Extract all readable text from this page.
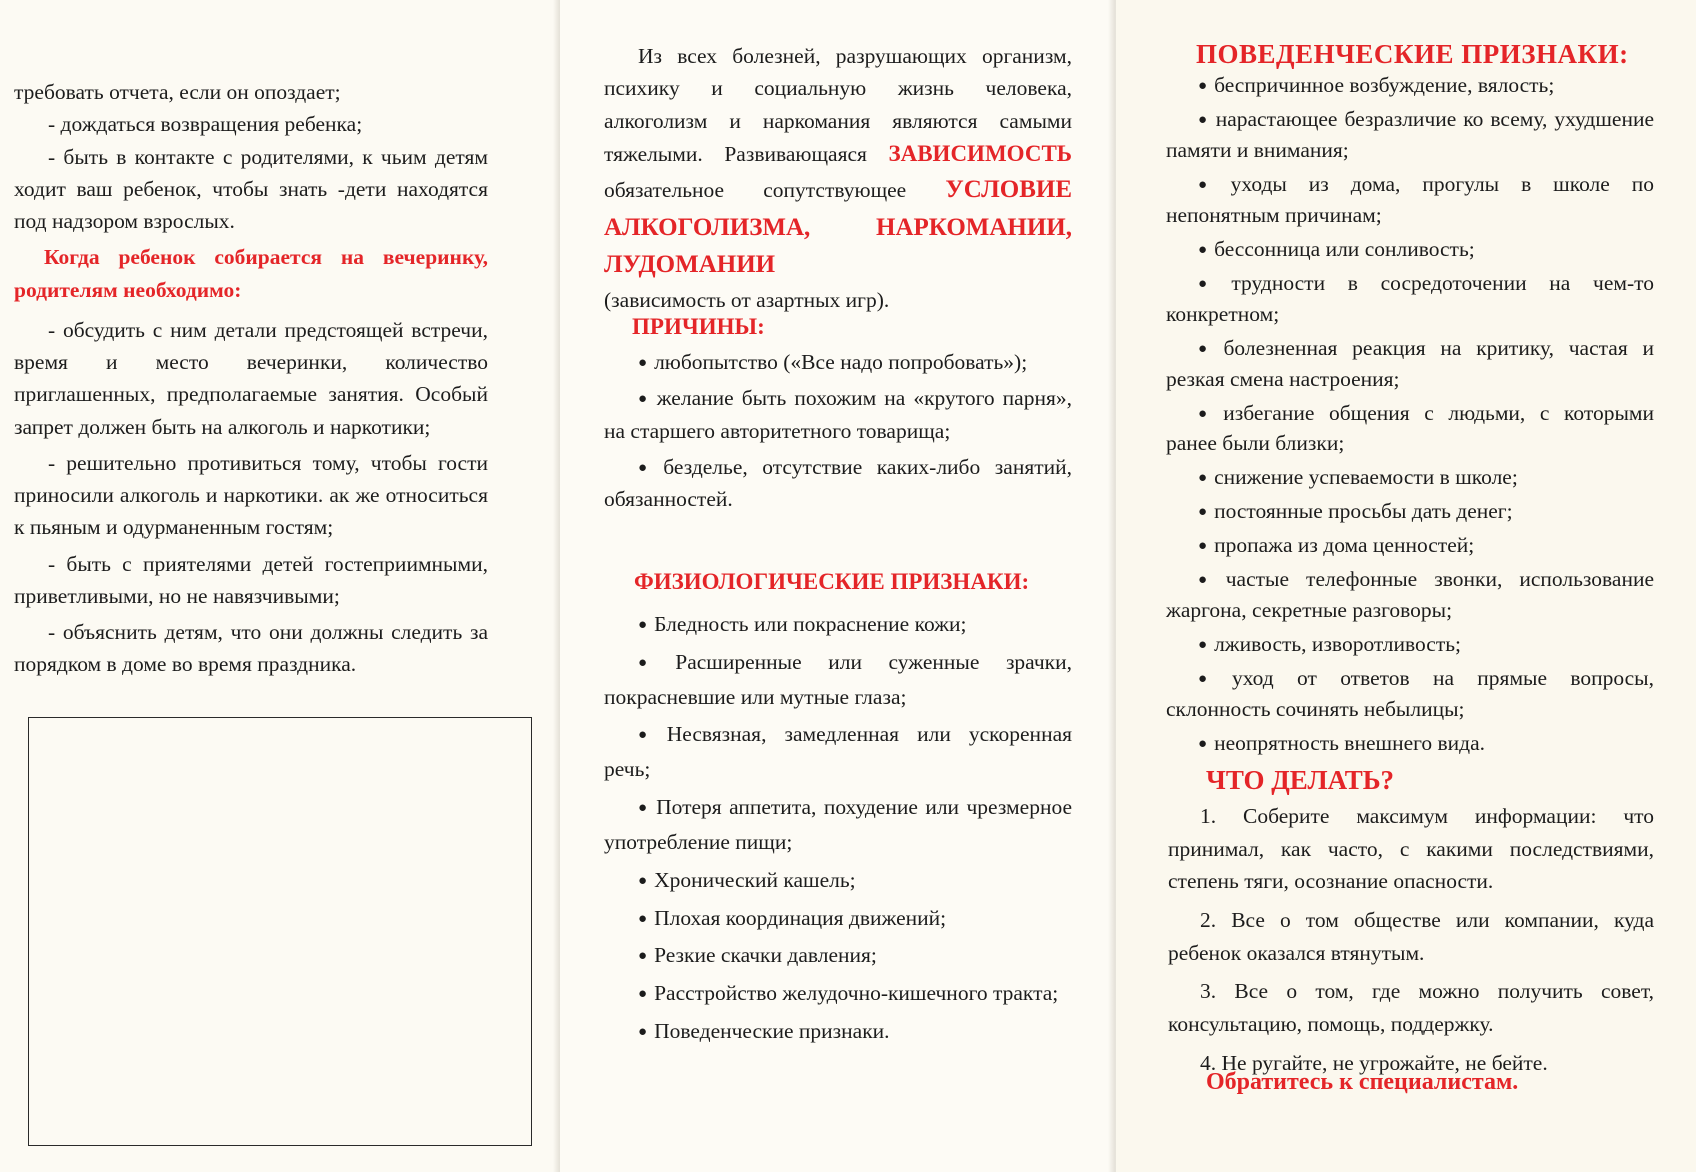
требовать отчета, если он опоздает;

- дождаться возвращения ребенка;

- быть в контакте с родителями, к чьим детям ходит ваш ребенок, чтобы знать -дети находятся под надзором взрослых.

Когда ребенок собирается на вечеринку, родителям необходимо:

- обсудить с ним детали предстоящей встречи, время и место вечеринки, количество приглашенных, предполагаемые занятия. Особый запрет должен быть на алкоголь и наркотики;

- решительно противиться тому, чтобы гости приносили алкоголь и наркотики. ак же относиться к пьяным и одурманенным гостям;

- быть с приятелями детей гостеприимными, приветливыми, но не навязчивыми;

- объяснить детям, что они должны следить за порядком в доме во время праздника.

Из всех болезней, разрушающих организм, психику и социальную жизнь человека, алкоголизм и наркомания являются самыми тяжелыми. Развивающаяся ЗАВИСИМОСТЬ обязательное сопутствующее УСЛОВИЕ АЛКОГОЛИЗМА, НАРКОМАНИИ, ЛУДОМАНИИ

(зависимость от азартных игр).

ПРИЧИНЫ:
● любопытство («Все надо попробовать»);
● желание быть похожим на «крутого парня», на старшего авторитетного товарища;
● безделье, отсутствие каких-либо занятий, обязанностей.
ФИЗИОЛОГИЧЕСКИЕ ПРИЗНАКИ:
● Бледность или покраснение кожи;
● Расширенные или суженные зрачки, покрасневшие или мутные глаза;
● Несвязная, замедленная или ускоренная речь;
● Потеря аппетита, похудение или чрезмерное употребление пищи;
● Хронический кашель;
● Плохая координация движений;
● Резкие скачки давления;
● Расстройство желудочно-кишечного тракта;
● Поведенческие признаки.
ПОВЕДЕНЧЕСКИЕ ПРИЗНАКИ:
● беспричинное возбуждение, вялость;
● нарастающее безразличие ко всему, ухудшение памяти и внимания;
● уходы из дома, прогулы в школе по непонятным причинам;
● бессонница или сонливость;
● трудности в сосредоточении на чем-то конкретном;
● болезненная реакция на критику, частая и резкая смена настроения;
● избегание общения с людьми, с которыми ранее были близки;
● снижение успеваемости в школе;
● постоянные просьбы дать денег;
● пропажа из дома ценностей;
● частые телефонные звонки, использование жаргона, секретные разговоры;
● лживость, изворотливость;
● уход от ответов на прямые вопросы, склонность сочинять небылицы;
● неопрятность внешнего вида.
ЧТО ДЕЛАТЬ?

1. Соберите максимум информации: что принимал, как часто, с какими последствиями, степень тяги, осознание опасности.

2. Все о том обществе или компании, куда ребенок оказался втянутым.

3. Все о том, где можно получить совет, консультацию, помощь, поддержку.

4. Не ругайте, не угрожайте, не бейте.

Обратитесь к специалистам.
